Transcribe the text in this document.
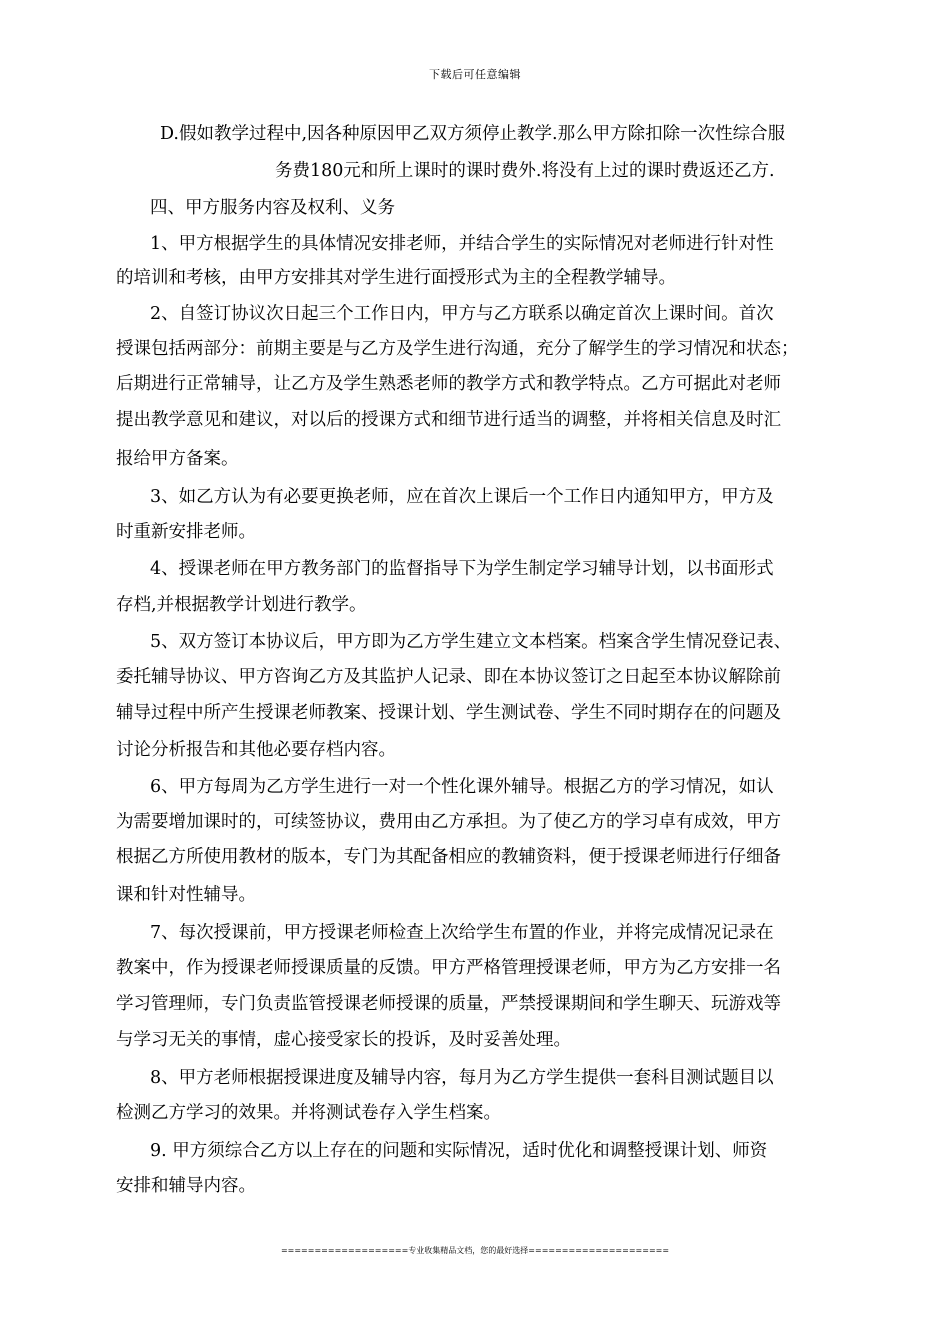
下载后可任意编辑
D.假如教学过程中,因各种原因甲乙双方须停止教学.那么甲方除扣除一次性综合服
务费180元和所上课时的课时费外.将没有上过的课时费返还乙方.
四、甲方服务内容及权利、义务
1、甲方根据学生的具体情况安排老师，并结合学生的实际情况对老师进行针对性
的培训和考核，由甲方安排其对学生进行面授形式为主的全程教学辅导。
2、自签订协议次日起三个工作日内，甲方与乙方联系以确定首次上课时间。首次
授课包括两部分：前期主要是与乙方及学生进行沟通，充分了解学生的学习情况和状态；
后期进行正常辅导，让乙方及学生熟悉老师的教学方式和教学特点。乙方可据此对老师
提出教学意见和建议，对以后的授课方式和细节进行适当的调整，并将相关信息及时汇
报给甲方备案。
3、如乙方认为有必要更换老师，应在首次上课后一个工作日内通知甲方，甲方及
时重新安排老师。
4、授课老师在甲方教务部门的监督指导下为学生制定学习辅导计划，以书面形式
存档,并根据教学计划进行教学。
5、双方签订本协议后，甲方即为乙方学生建立文本档案。档案含学生情况登记表、
委托辅导协议、甲方咨询乙方及其监护人记录、即在本协议签订之日起至本协议解除前
辅导过程中所产生授课老师教案、授课计划、学生测试卷、学生不同时期存在的问题及
讨论分析报告和其他必要存档内容。
6、甲方每周为乙方学生进行一对一个性化课外辅导。根据乙方的学习情况，如认
为需要增加课时的，可续签协议，费用由乙方承担。为了使乙方的学习卓有成效，甲方
根据乙方所使用教材的版本，专门为其配备相应的教辅资料，便于授课老师进行仔细备
课和针对性辅导。
7、每次授课前，甲方授课老师检查上次给学生布置的作业，并将完成情况记录在
教案中，作为授课老师授课质量的反馈。甲方严格管理授课老师，甲方为乙方安排一名
学习管理师，专门负责监管授课老师授课的质量，严禁授课期间和学生聊天、玩游戏等
与学习无关的事情，虚心接受家长的投诉，及时妥善处理。
8、甲方老师根据授课进度及辅导内容，每月为乙方学生提供一套科目测试题目以
检测乙方学习的效果。并将测试卷存入学生档案。
9. 甲方须综合乙方以上存在的问题和实际情况，适时优化和调整授课计划、师资
安排和辅导内容。
===================专业收集精品文档，您的最好选择=====================
